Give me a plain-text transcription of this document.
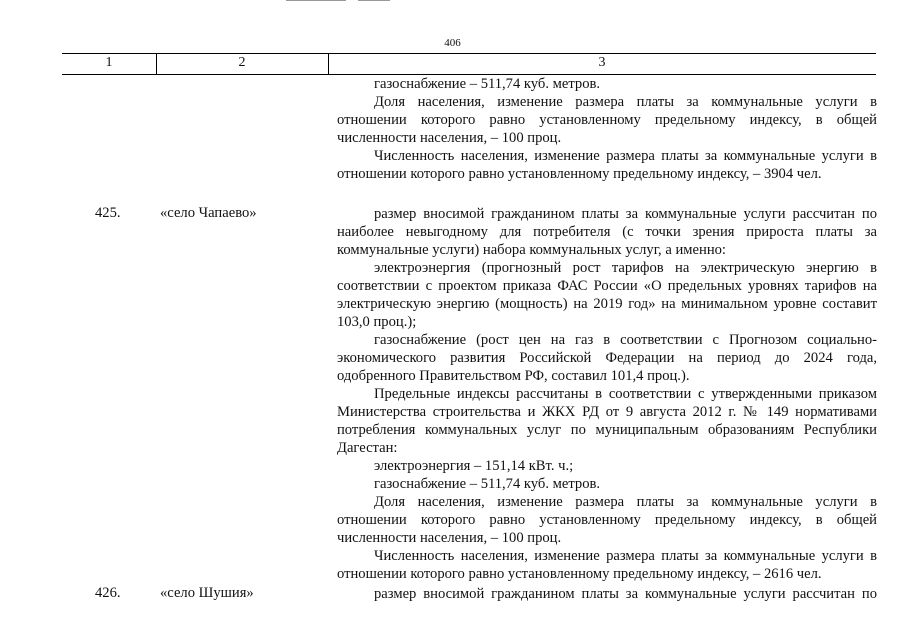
406
1	2	3
газоснабжение – 511,74 куб. метров.
Доля населения, изменение размера платы за коммунальные услуги в
отношении которого равно установленному предельному индексу, в общей
численности населения, – 100 проц.
Численность населения, изменение размера платы за коммунальные услуги в
отношении которого равно установленному предельному индексу, – 3904 чел.
425.	«село Чапаево»	размер вносимой гражданином платы за коммунальные услуги рассчитан по
наиболее невыгодному для потребителя (с точки зрения прироста платы за
коммунальные услуги) набора коммунальных услуг, а именно:
электроэнергия (прогнозный рост тарифов на электрическую энергию в
соответствии с проектом приказа ФАС России «О предельных уровнях тарифов на
электрическую энергию (мощность) на 2019 год» на минимальном уровне составит
103,0 проц.);
газоснабжение (рост цен на газ в соответствии с Прогнозом социально-
экономического развития Российской Федерации на период до 2024 года,
одобренного Правительством РФ, составил 101,4 проц.).
Предельные индексы рассчитаны в соответствии с утвержденными приказом
Министерства строительства и ЖКХ РД от 9 августа 2012 г. № 149 нормативами
потребления коммунальных услуг по муниципальным образованиям Республики
Дагестан:
электроэнергия – 151,14 кВт. ч.;
газоснабжение – 511,74 куб. метров.
Доля населения, изменение размера платы за коммунальные услуги в
отношении которого равно установленному предельному индексу, в общей
численности населения, – 100 проц.
Численность населения, изменение размера платы за коммунальные услуги в
отношении которого равно установленному предельному индексу, – 2616 чел.
426.	«село Шушия»	размер вносимой гражданином платы за коммунальные услуги рассчитан по
